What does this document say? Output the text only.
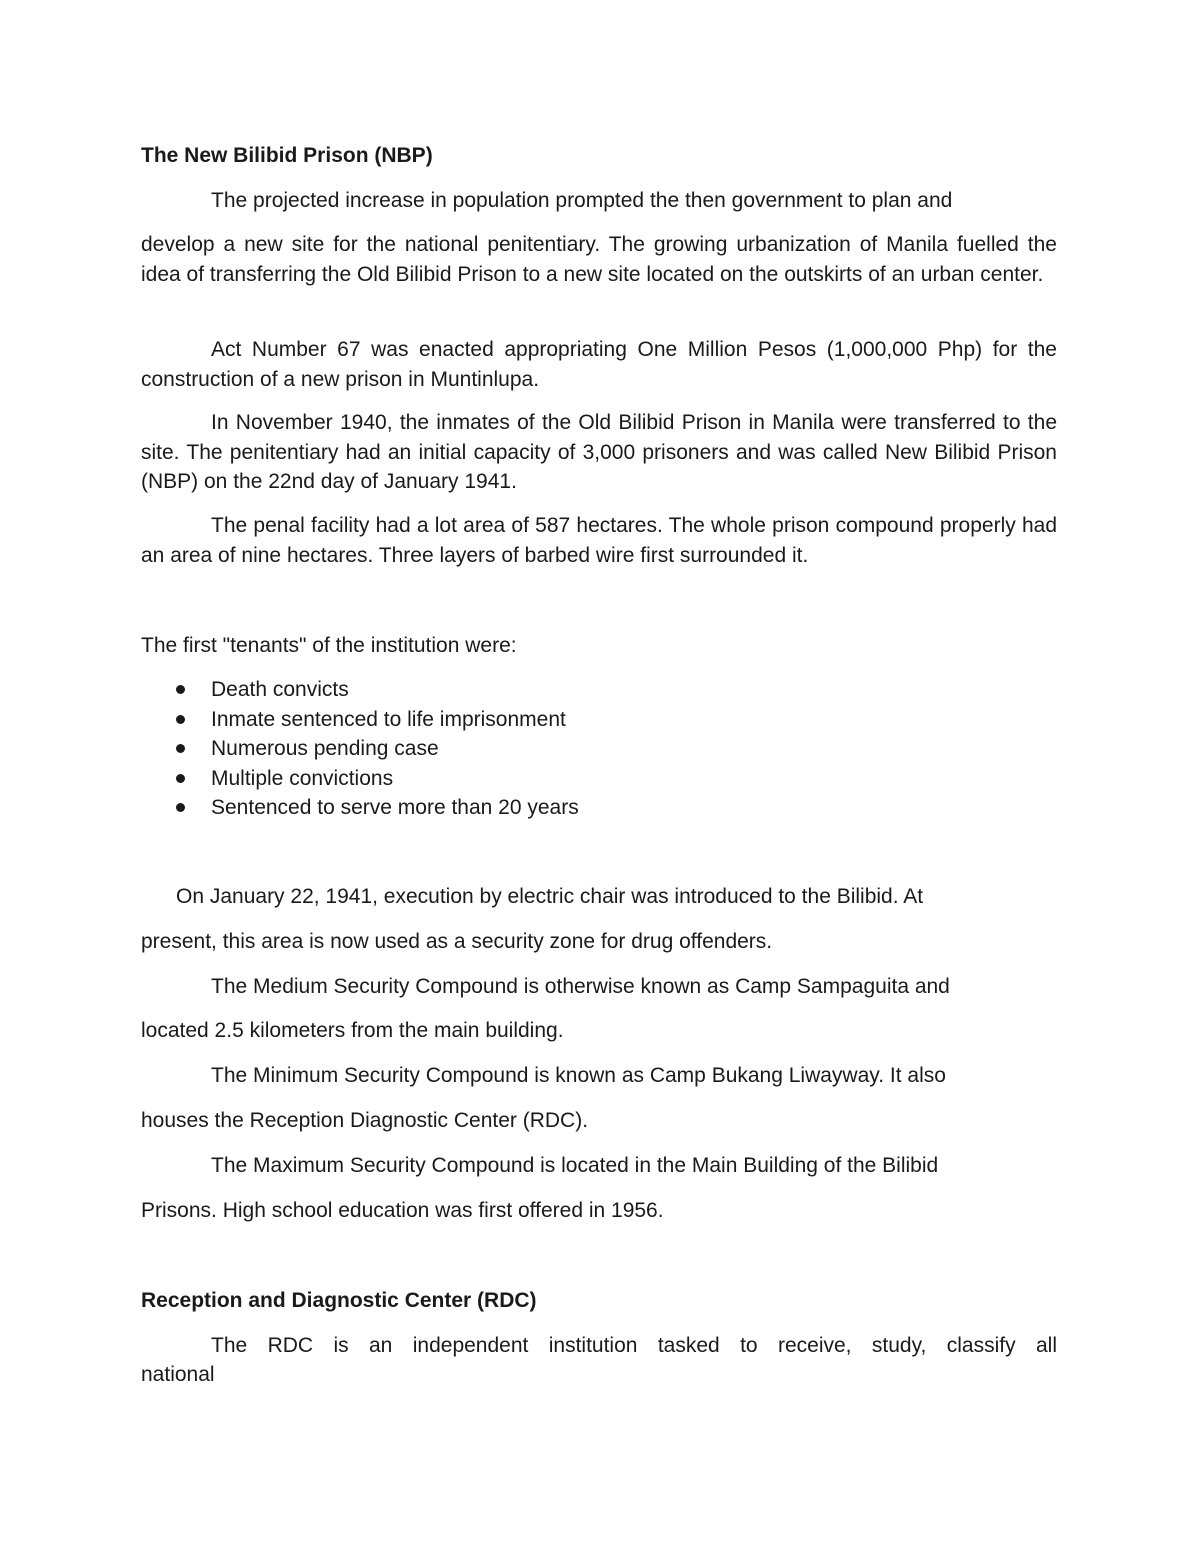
The New Bilibid Prison (NBP)
The projected increase in population prompted the then government to plan and

develop a new site for the national penitentiary. The growing urbanization of Manila fuelled the idea of transferring the Old Bilibid Prison to a new site located on the outskirts of an urban center.

Act Number 67 was enacted appropriating One Million Pesos (1,000,000 Php) for the construction of a new prison in Muntinlupa.

In November 1940, the inmates of the Old Bilibid Prison in Manila were transferred to the site. The penitentiary had an initial capacity of 3,000 prisoners and was called New Bilibid Prison (NBP) on the 22nd day of January 1941.

The penal facility had a lot area of 587 hectares. The whole prison compound properly had an area of nine hectares. Three layers of barbed wire first surrounded it.

The first "tenants" of the institution were:
Death convicts
Inmate sentenced to life imprisonment
Numerous pending case
Multiple convictions
Sentenced to serve more than 20 years
On January 22, 1941, execution by electric chair was introduced to the Bilibid. At
present, this area is now used as a security zone for drug offenders.
The Medium Security Compound is otherwise known as Camp Sampaguita and
located 2.5 kilometers from the main building.
The Minimum Security Compound is known as Camp Bukang Liwayway. It also
houses the Reception Diagnostic Center (RDC).
The Maximum Security Compound is located in the Main Building of the Bilibid
Prisons. High school education was first offered in 1956.
Reception and Diagnostic Center (RDC)
The RDC is an independent institution tasked to receive, study, classify all
national
